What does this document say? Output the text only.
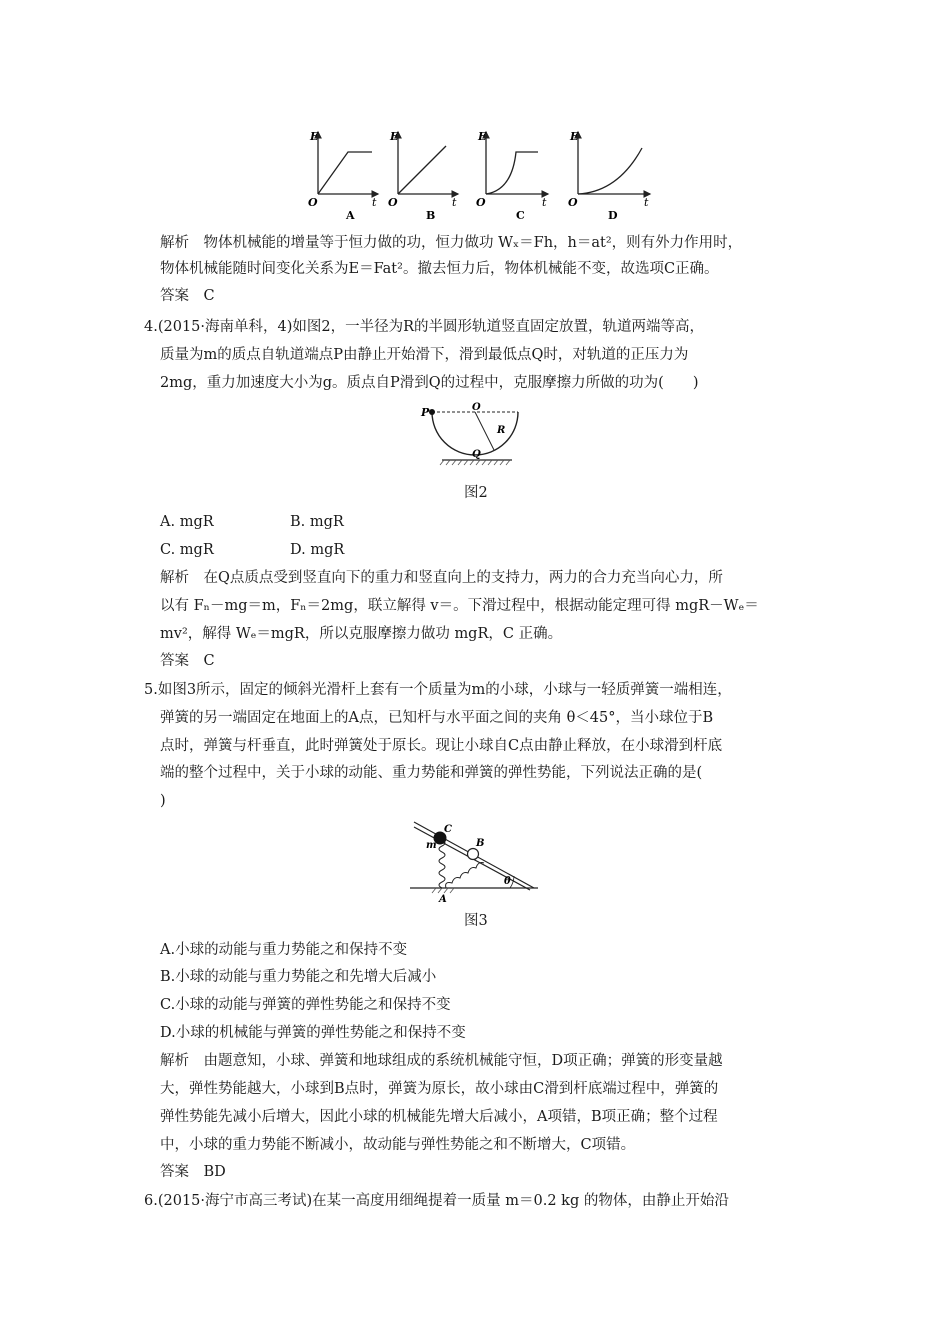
E
O	t
A
E
O	t
B
E
O	t
C
E
O	t
D
解析　物体机械能的增量等于恒力做的功，恒力做功 Wₓ＝Fh，h＝at²，则有外力作用时，
物体机械能随时间变化关系为E＝Fat²。撤去恒力后，物体机械能不变，故选项C正确。
答案　C
4.(2015·海南单科，4)如图2，一半径为R的半圆形轨道竖直固定放置，轨道两端等高，
质量为m的质点自轨道端点P由静止开始滑下，滑到最低点Q时，对轨道的正压力为
2mg，重力加速度大小为g。质点自P滑到Q的过程中，克服摩擦力所做的功为(　　)
P	O
R
Q
图2
A. mgR	B. mgR
C. mgR	D. mgR
解析　在Q点质点受到竖直向下的重力和竖直向上的支持力，两力的合力充当向心力，所
以有 Fₙ－mg＝m，Fₙ＝2mg，联立解得 v＝。下滑过程中，根据动能定理可得 mgR－Wₑ＝
mv²，解得 Wₑ＝mgR，所以克服摩擦力做功 mgR，C 正确。
答案　C
5.如图3所示，固定的倾斜光滑杆上套有一个质量为m的小球，小球与一轻质弹簧一端相连，
弹簧的另一端固定在地面上的A点，已知杆与水平面之间的夹角 θ＜45°，当小球位于B
点时，弹簧与杆垂直，此时弹簧处于原长。现让小球自C点由静止释放，在小球滑到杆底
端的整个过程中，关于小球的动能、重力势能和弹簧的弹性势能，下列说法正确的是(
)
C
m	B
A
θ
图3
A.小球的动能与重力势能之和保持不变
B.小球的动能与重力势能之和先增大后减小
C.小球的动能与弹簧的弹性势能之和保持不变
D.小球的机械能与弹簧的弹性势能之和保持不变
解析　由题意知，小球、弹簧和地球组成的系统机械能守恒，D项正确；弹簧的形变量越
大，弹性势能越大，小球到B点时，弹簧为原长，故小球由C滑到杆底端过程中，弹簧的
弹性势能先减小后增大，因此小球的机械能先增大后减小，A项错，B项正确；整个过程
中，小球的重力势能不断减小，故动能与弹性势能之和不断增大，C项错。
答案　BD
6.(2015·海宁市高三考试)在某一高度用细绳提着一质量 m＝0.2 kg 的物体，由静止开始沿
